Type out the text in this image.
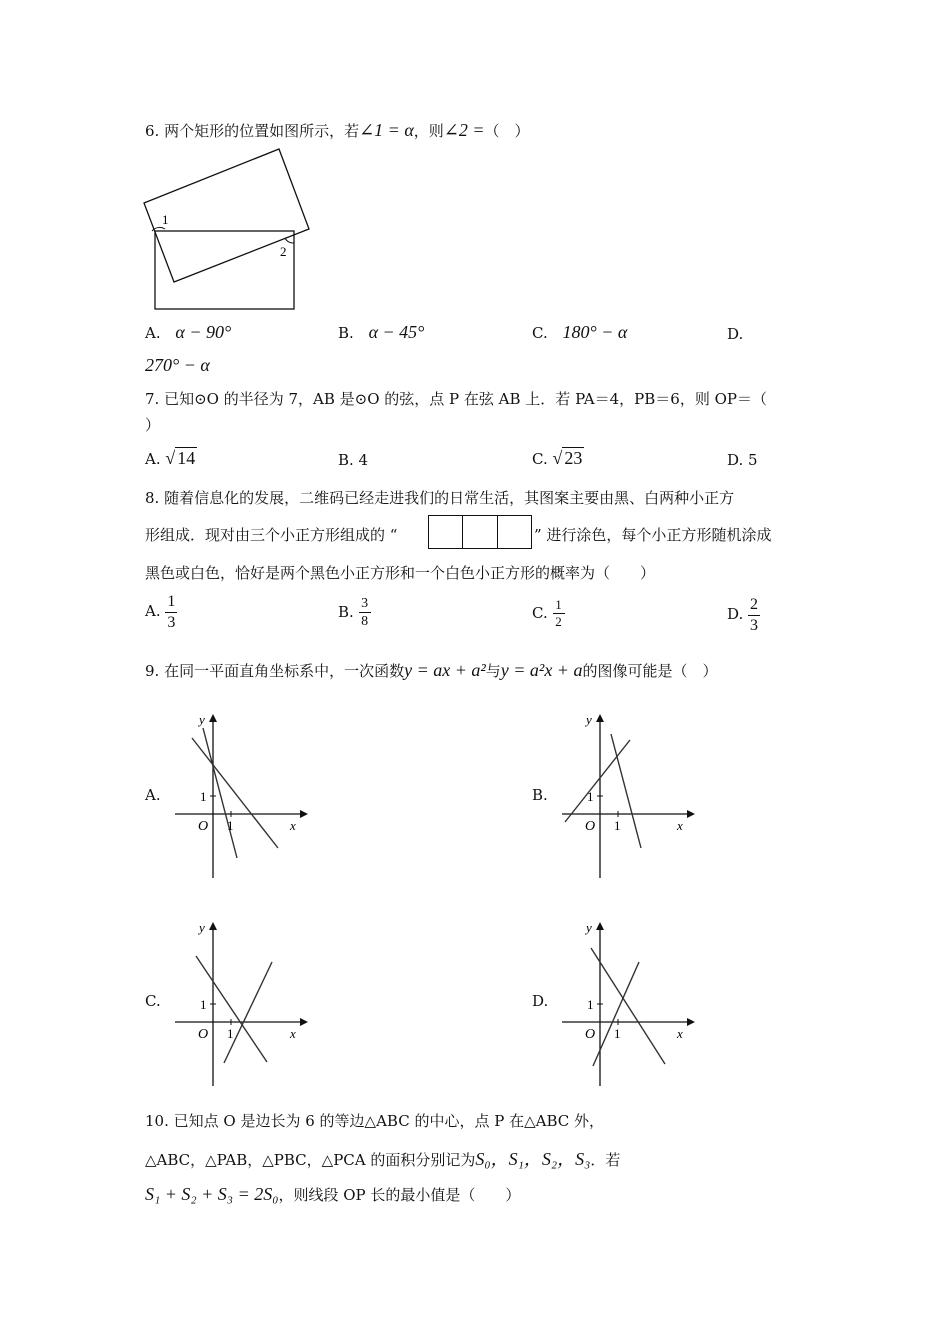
6. 两个矩形的位置如图所示，若∠1 = α，则∠2 =（　）
1
2
A. α − 90°	B. α − 45°	C. 180° − α	D.
270° − α
7. 已知⊙O 的半径为 7，AB 是⊙O 的弦，点 P 在弦 AB 上．若 PA＝4，PB＝6，则 OP＝（
）
A. √ 14	B. 4	C. √ 23	D. 5
8. 随着信息化的发展，二维码已经走进我们的日常生活，其图案主要由黑、白两种小正方
形组成．现对由三个小正方形组成的 “	” 进行涂色，每个小正方形随机涂成
黑色或白色，恰好是两个黑色小正方形和一个白色小正方形的概率为（　　）
A. $\frac{1}{3}$	B. $\frac{3}{8}$	C. $\frac{1}{2}$	D. $\frac{2}{3}$
9. 在同一平面直角坐标系中，一次函数y = ax + a²与y = a²x + a的图像可能是（　）
A.	B.
C.	D.
y
x
O
1
1
y
x
O
1
1
y
x
O
1
1
y
x
O
1
1
10. 已知点 O 是边长为 6 的等边△ABC 的中心，点 P 在△ABC 外，
△ABC，△PAB，△PBC，△PCA 的面积分别记为S₀，S₁，S₂，S₃．若
S₁ + S₂ + S₃ = 2S₀，则线段 OP 长的最小值是（　　）
